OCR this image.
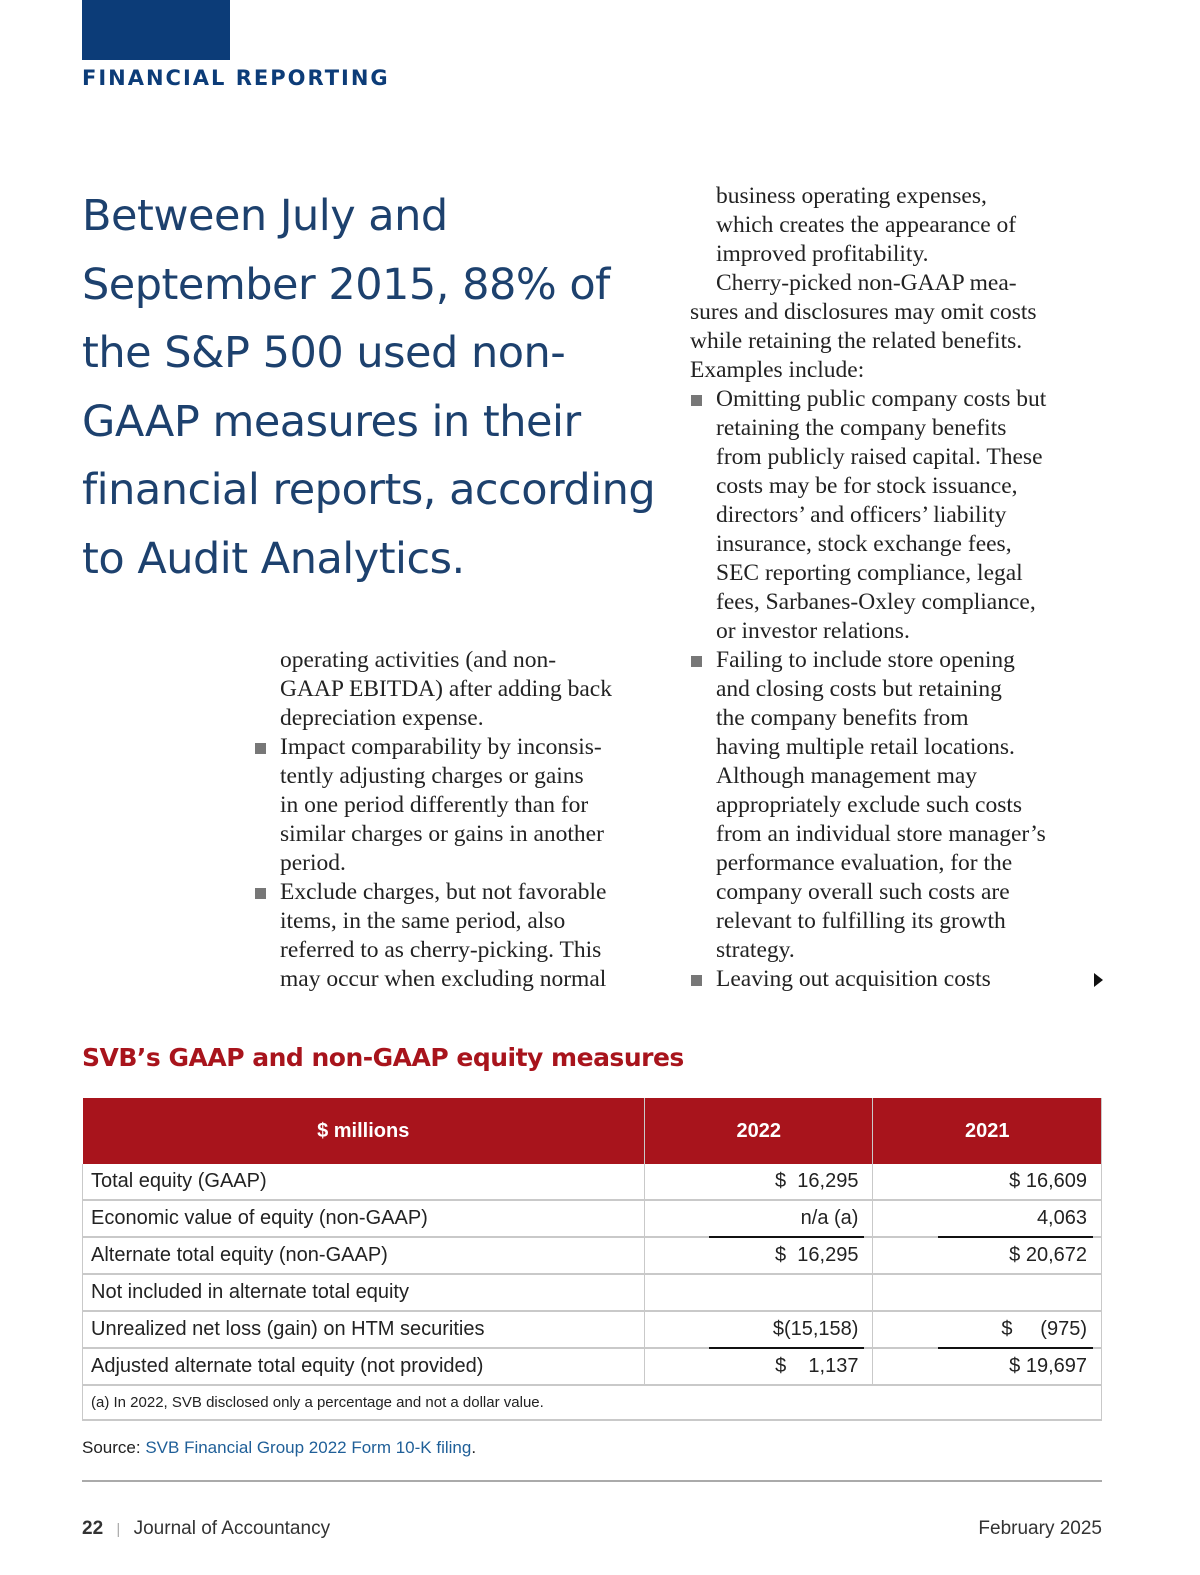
FINANCIAL REPORTING
Between July and September 2015, 88% of the S&P 500 used non-GAAP measures in their financial reports, according to Audit Analytics.
operating activities (and non-
GAAP EBITDA) after adding back
depreciation expense.
Impact comparability by inconsis-
tently adjusting charges or gains
in one period differently than for
similar charges or gains in another
period.
Exclude charges, but not favorable
items, in the same period, also
referred to as cherry-picking. This
may occur when excluding normal
business operating expenses,
which creates the appearance of
improved profitability.
Cherry-picked non-GAAP mea-
sures and disclosures may omit costs
while retaining the related benefits.
Examples include:
Omitting public company costs but
retaining the company benefits
from publicly raised capital. These
costs may be for stock issuance,
directors’ and officers’ liability
insurance, stock exchange fees,
SEC reporting compliance, legal
fees, Sarbanes-Oxley compliance,
or investor relations.
Failing to include store opening
and closing costs but retaining
the company benefits from
having multiple retail locations.
Although management may
appropriately exclude such costs
from an individual store manager’s
performance evaluation, for the
company overall such costs are
relevant to fulfilling its growth
strategy.
Leaving out acquisition costs
SVB’s GAAP and non-GAAP equity measures
$ millions	2022	2021
Total equity (GAAP)	$  16,295	$ 16,609
Economic value of equity (non-GAAP)	n/a (a)	4,063
Alternate total equity (non-GAAP)	$  16,295	$ 20,672
Not included in alternate total equity		
Unrealized net loss (gain) on HTM securities	$(15,158)	$     (975)
Adjusted alternate total equity (not provided)	$    1,137	$ 19,697
(a) In 2022, SVB disclosed only a percentage and not a dollar value.		
Source: SVB Financial Group 2022 Form 10-K filing.
22 | Journal of Accountancy	February 2025
